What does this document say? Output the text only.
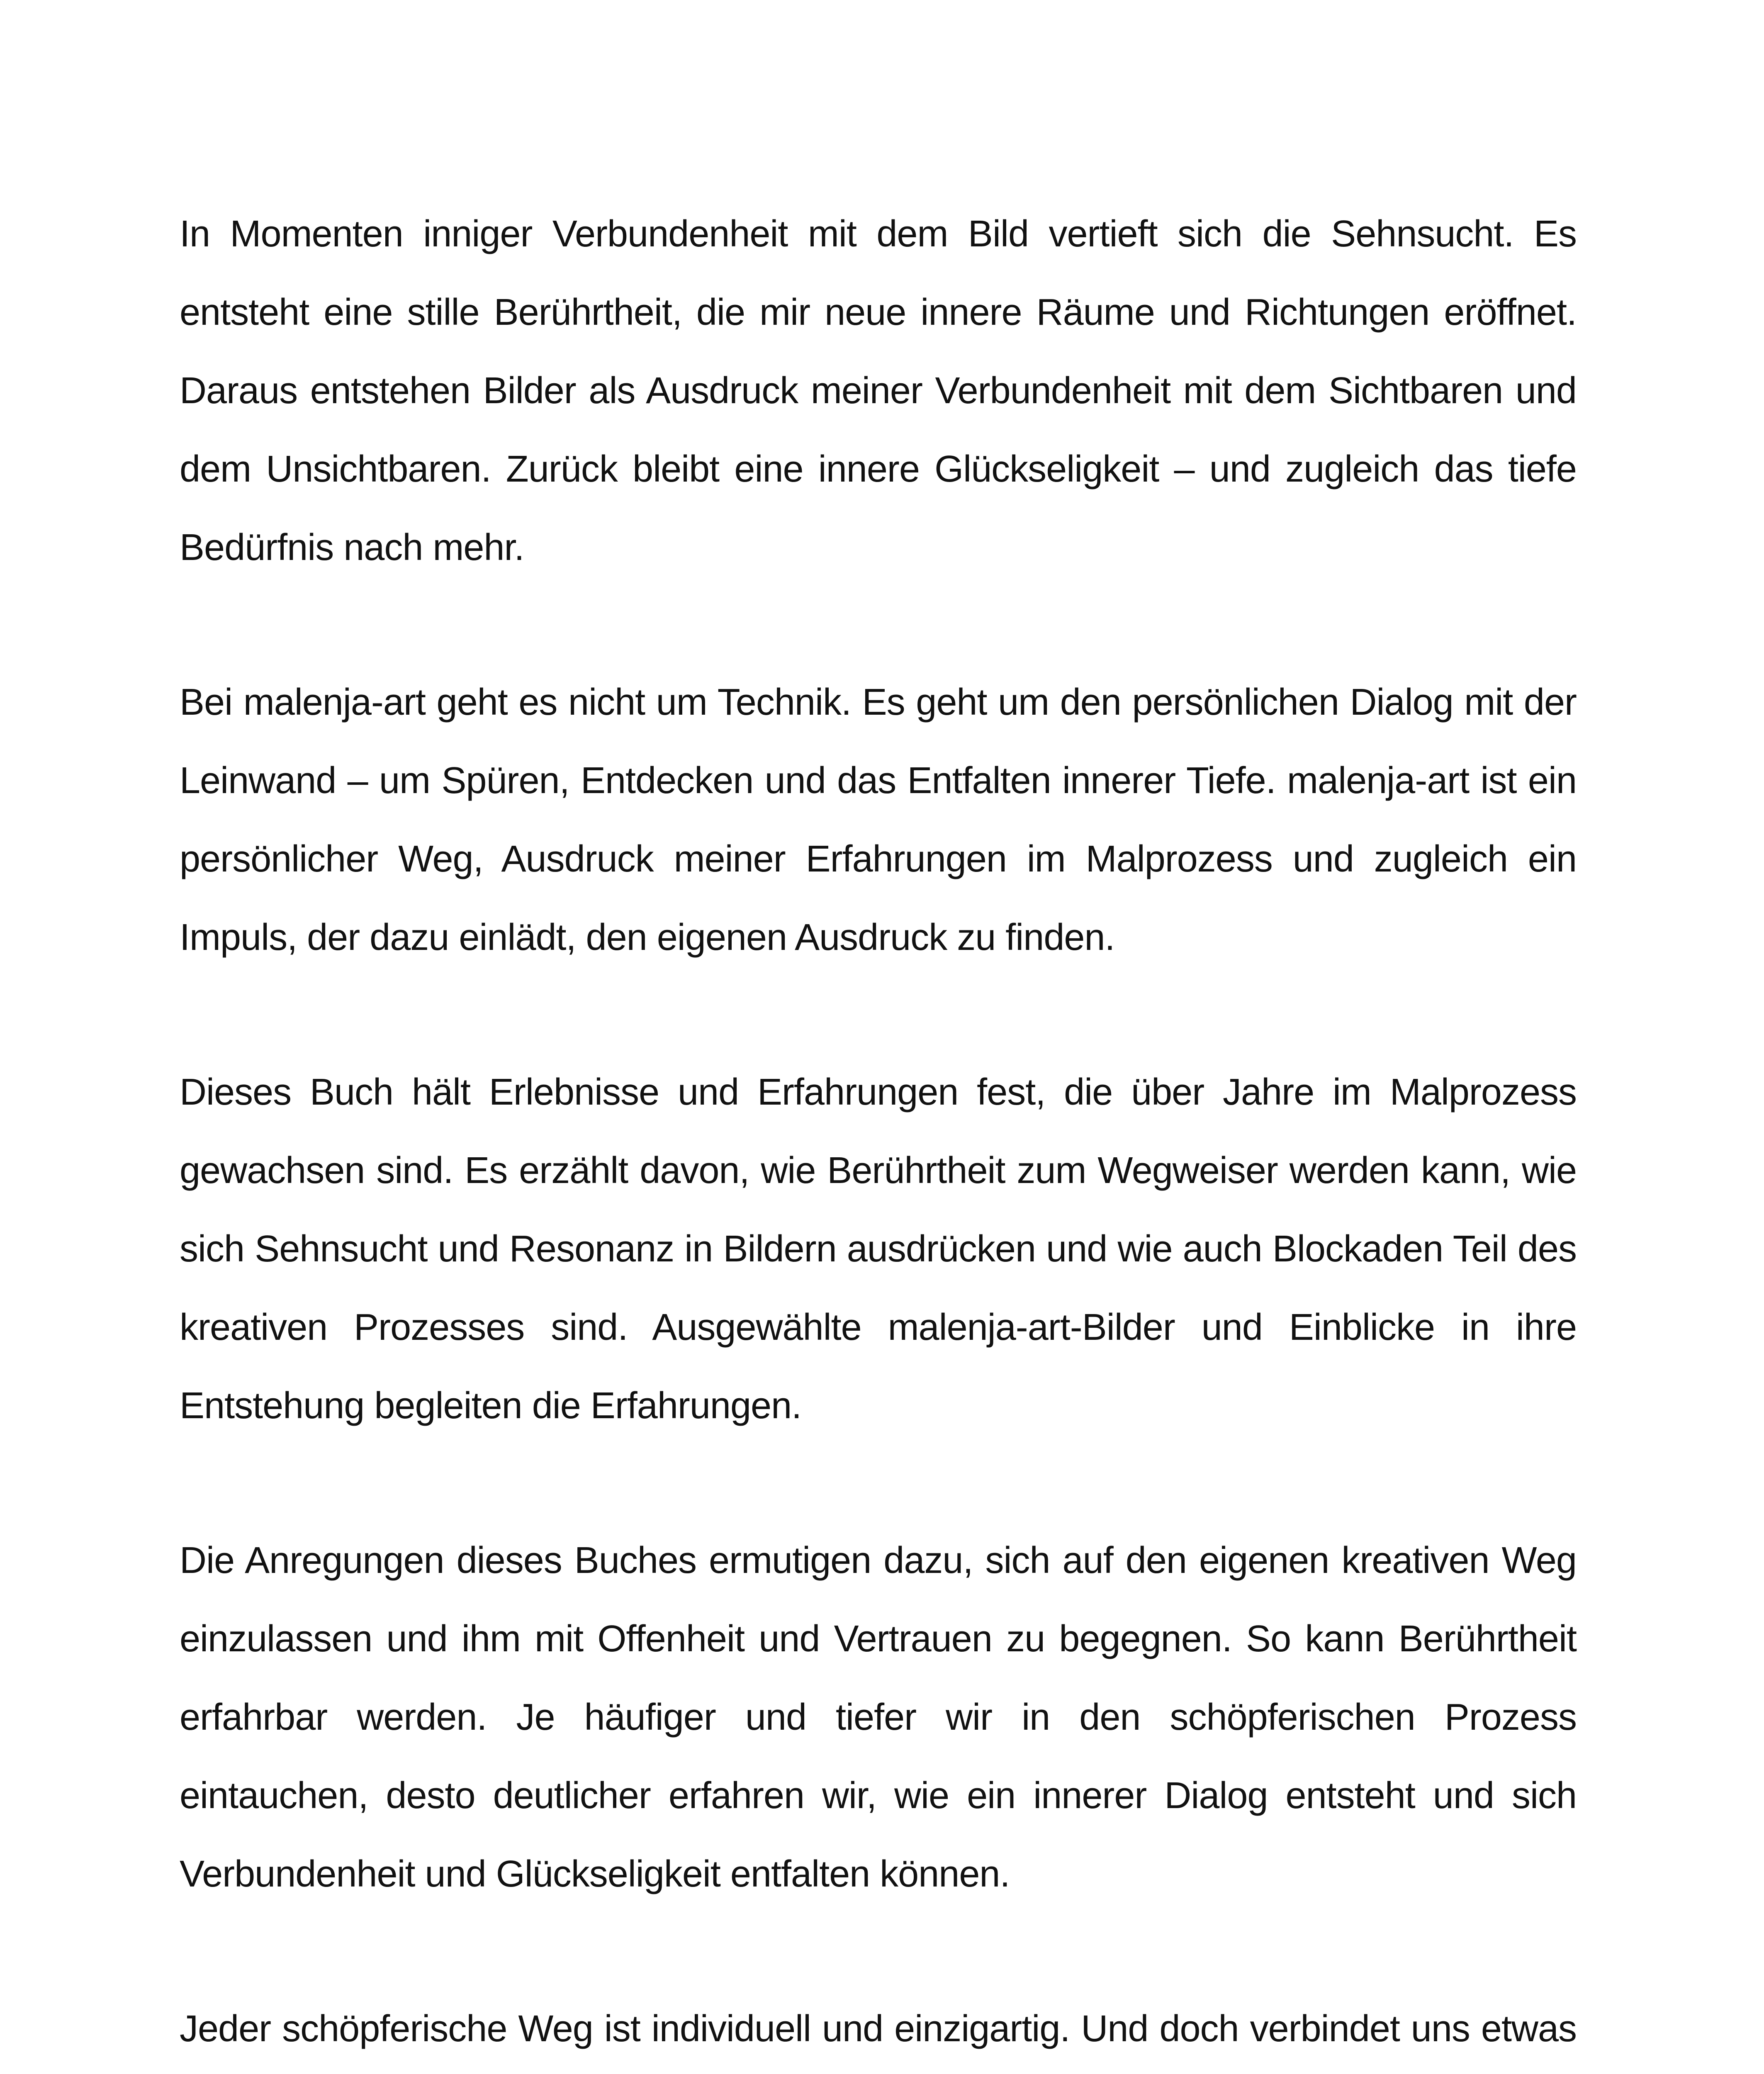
In Momenten inniger Verbundenheit mit dem Bild vertieft sich die Sehnsucht. Es entsteht eine stille Berührtheit, die mir neue innere Räume und Richtungen eröffnet. Daraus entstehen Bilder als Ausdruck meiner Verbundenheit mit dem Sichtbaren und dem Unsichtbaren. Zurück bleibt eine innere Glückseligkeit – und zugleich das tiefe Bedürfnis nach mehr.

Bei malenja-art geht es nicht um Technik. Es geht um den persönlichen Dialog mit der Leinwand – um Spüren, Entdecken und das Entfalten innerer Tiefe. malenja-art ist ein persönlicher Weg, Ausdruck meiner Erfahrungen im Malprozess und zugleich ein Impuls, der dazu einlädt, den eigenen Ausdruck zu finden.

Dieses Buch hält Erlebnisse und Erfahrungen fest, die über Jahre im Malprozess gewachsen sind. Es erzählt davon, wie Berührtheit zum Wegweiser werden kann, wie sich Sehnsucht und Resonanz in Bildern ausdrücken und wie auch Blockaden Teil des kreativen Prozesses sind. Ausgewählte malenja-art-Bilder und Einblicke in ihre Entstehung begleiten die Erfahrungen.

Die Anregungen dieses Buches ermutigen dazu, sich auf den eigenen kreativen Weg einzulassen und ihm mit Offenheit und Vertrauen zu begegnen. So kann Berührtheit erfahrbar werden. Je häufiger und tiefer wir in den schöpferischen Prozess eintauchen, desto deutlicher erfahren wir, wie ein innerer Dialog entsteht und sich Verbundenheit und Glückseligkeit entfalten können.

Jeder schöpferische Weg ist individuell und einzigartig. Und doch verbindet uns etwas
